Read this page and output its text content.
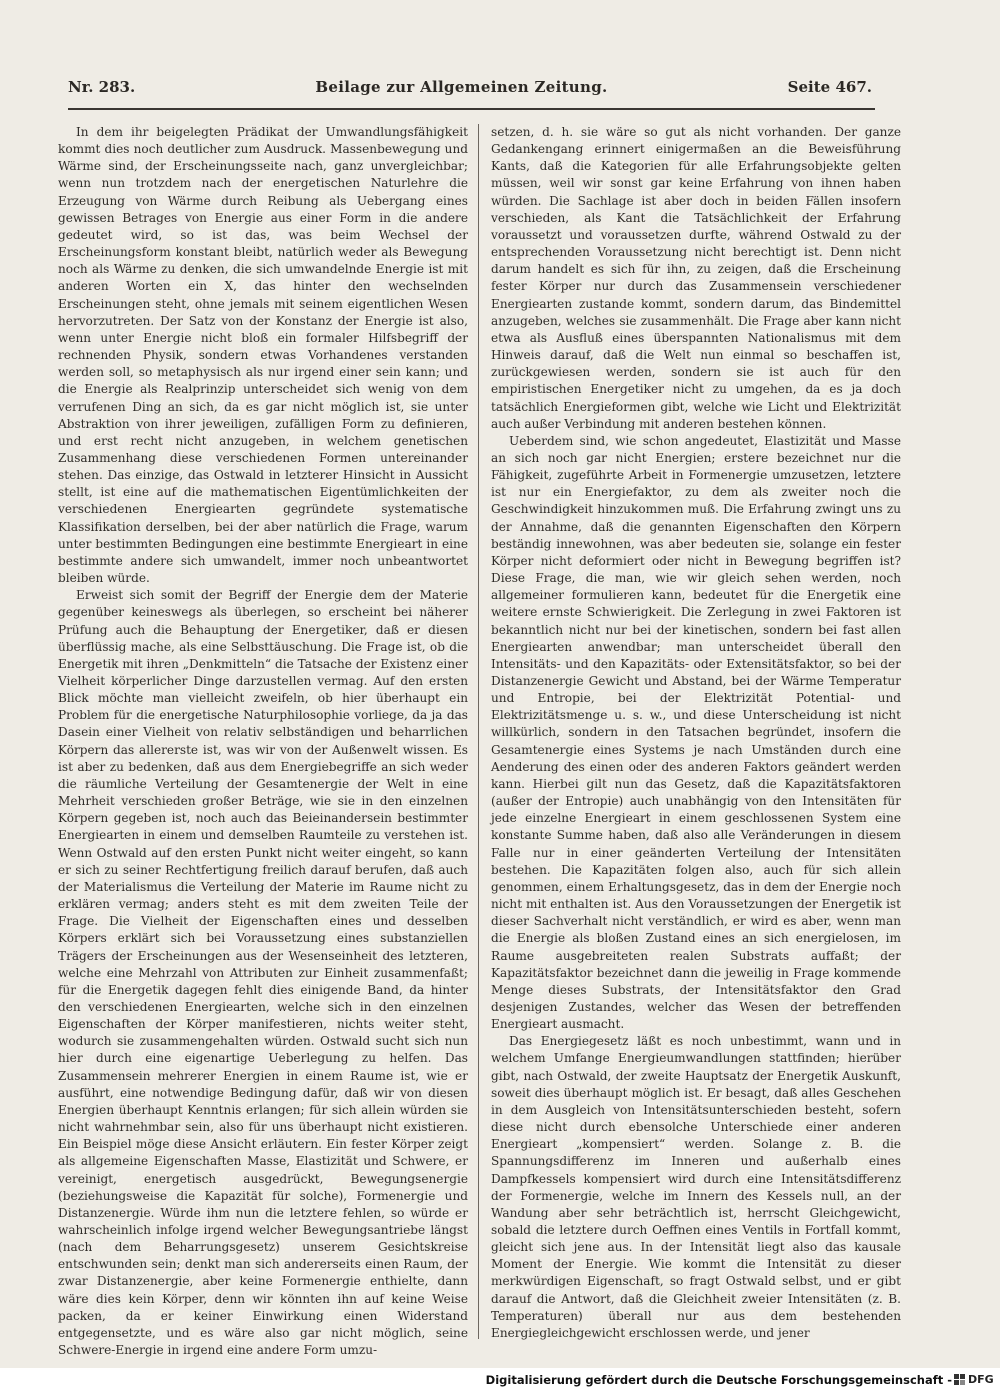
Nr. 283.	Beilage zur Allgemeinen Zeitung.	Seite 467.

In dem ihr beigelegten Prädikat der Umwandlungsfähigkeit kommt dies noch deutlicher zum Ausdruck. Massenbewegung und Wärme sind, der Erscheinungsseite nach, ganz unvergleichbar; wenn nun trotzdem nach der energetischen Naturlehre die Erzeugung von Wärme durch Reibung als Uebergang eines gewissen Betrages von Energie aus einer Form in die andere gedeutet wird, so ist das, was beim Wechsel der Erscheinungsform konstant bleibt, natürlich weder als Bewegung noch als Wärme zu denken, die sich umwandelnde Energie ist mit anderen Worten ein X, das hinter den wechselnden Erscheinungen steht, ohne jemals mit seinem eigentlichen Wesen hervorzutreten. Der Satz von der Konstanz der Energie ist also, wenn unter Energie nicht bloß ein formaler Hilfsbegriff der rechnenden Physik, sondern etwas Vorhandenes verstanden werden soll, so metaphysisch als nur irgend einer sein kann; und die Energie als Realprinzip unterscheidet sich wenig von dem verrufenen Ding an sich, da es gar nicht möglich ist, sie unter Abstraktion von ihrer jeweiligen, zufälligen Form zu definieren, und erst recht nicht anzugeben, in welchem genetischen Zusammenhang diese verschiedenen Formen untereinander stehen. Das einzige, das Ostwald in letzterer Hinsicht in Aussicht stellt, ist eine auf die mathematischen Eigentümlichkeiten der verschiedenen Energiearten gegründete systematische Klassifikation derselben, bei der aber natürlich die Frage, warum unter bestimmten Bedingungen eine bestimmte Energieart in eine bestimmte andere sich umwandelt, immer noch unbeantwortet bleiben würde.

Erweist sich somit der Begriff der Energie dem der Materie gegenüber keineswegs als überlegen, so erscheint bei näherer Prüfung auch die Behauptung der Energetiker, daß er diesen überflüssig mache, als eine Selbsttäuschung. Die Frage ist, ob die Energetik mit ihren „Denkmitteln“ die Tatsache der Existenz einer Vielheit körperlicher Dinge darzustellen vermag. Auf den ersten Blick möchte man vielleicht zweifeln, ob hier überhaupt ein Problem für die energetische Naturphilosophie vorliege, da ja das Dasein einer Vielheit von relativ selbständigen und beharrlichen Körpern das allererste ist, was wir von der Außenwelt wissen. Es ist aber zu bedenken, daß aus dem Energiebegriffe an sich weder die räumliche Verteilung der Gesamtenergie der Welt in eine Mehrheit verschieden großer Beträge, wie sie in den einzelnen Körpern gegeben ist, noch auch das Beieinandersein bestimmter Energiearten in einem und demselben Raumteile zu verstehen ist. Wenn Ostwald auf den ersten Punkt nicht weiter eingeht, so kann er sich zu seiner Rechtfertigung freilich darauf berufen, daß auch der Materialismus die Verteilung der Materie im Raume nicht zu erklären vermag; anders steht es mit dem zweiten Teile der Frage. Die Vielheit der Eigenschaften eines und desselben Körpers erklärt sich bei Voraussetzung eines substanziellen Trägers der Erscheinungen aus der Wesenseinheit des letzteren, welche eine Mehrzahl von Attributen zur Einheit zusammenfaßt; für die Energetik dagegen fehlt dies einigende Band, da hinter den verschiedenen Energiearten, welche sich in den einzelnen Eigenschaften der Körper manifestieren, nichts weiter steht, wodurch sie zusammengehalten würden. Ostwald sucht sich nun hier durch eine eigenartige Ueberlegung zu helfen. Das Zusammensein mehrerer Energien in einem Raume ist, wie er ausführt, eine notwendige Bedingung dafür, daß wir von diesen Energien überhaupt Kenntnis erlangen; für sich allein würden sie nicht wahrnehmbar sein, also für uns überhaupt nicht existieren. Ein Beispiel möge diese Ansicht erläutern. Ein fester Körper zeigt als allgemeine Eigenschaften Masse, Elastizität und Schwere, er vereinigt, energetisch ausgedrückt, Bewegungsenergie (beziehungsweise die Kapazität für solche), Formenergie und Distanzenergie. Würde ihm nun die letztere fehlen, so würde er wahrscheinlich infolge irgend welcher Bewegungsantriebe längst (nach dem Beharrungsgesetz) unserem Gesichtskreise entschwunden sein; denkt man sich andererseits einen Raum, der zwar Distanzenergie, aber keine Formenergie enthielte, dann wäre dies kein Körper, denn wir könnten ihn auf keine Weise packen, da er keiner Einwirkung einen Widerstand entgegensetzte, und es wäre also gar nicht möglich, seine Schwere-Energie in irgend eine andere Form umzu-

setzen, d. h. sie wäre so gut als nicht vorhanden. Der ganze Gedankengang erinnert einigermaßen an die Beweisführung Kants, daß die Kategorien für alle Erfahrungsobjekte gelten müssen, weil wir sonst gar keine Erfahrung von ihnen haben würden. Die Sachlage ist aber doch in beiden Fällen insofern verschieden, als Kant die Tatsächlichkeit der Erfahrung voraussetzt und voraussetzen durfte, während Ostwald zu der entsprechenden Voraussetzung nicht berechtigt ist. Denn nicht darum handelt es sich für ihn, zu zeigen, daß die Erscheinung fester Körper nur durch das Zusammensein verschiedener Energiearten zustande kommt, sondern darum, das Bindemittel anzugeben, welches sie zusammenhält. Die Frage aber kann nicht etwa als Ausfluß eines überspannten Nationalismus mit dem Hinweis darauf, daß die Welt nun einmal so beschaffen ist, zurückgewiesen werden, sondern sie ist auch für den empiristischen Energetiker nicht zu umgehen, da es ja doch tatsächlich Energieformen gibt, welche wie Licht und Elektrizität auch außer Verbindung mit anderen bestehen können.

Ueberdem sind, wie schon angedeutet, Elastizität und Masse an sich noch gar nicht Energien; erstere bezeichnet nur die Fähigkeit, zugeführte Arbeit in Formenergie umzusetzen, letztere ist nur ein Energiefaktor, zu dem als zweiter noch die Geschwindigkeit hinzukommen muß. Die Erfahrung zwingt uns zu der Annahme, daß die genannten Eigenschaften den Körpern beständig innewohnen, was aber bedeuten sie, solange ein fester Körper nicht deformiert oder nicht in Bewegung begriffen ist? Diese Frage, die man, wie wir gleich sehen werden, noch allgemeiner formulieren kann, bedeutet für die Energetik eine weitere ernste Schwierigkeit. Die Zerlegung in zwei Faktoren ist bekanntlich nicht nur bei der kinetischen, sondern bei fast allen Energiearten anwendbar; man unterscheidet überall den Intensitäts- und den Kapazitäts- oder Extensitätsfaktor, so bei der Distanzenergie Gewicht und Abstand, bei der Wärme Temperatur und Entropie, bei der Elektrizität Potential- und Elektrizitätsmenge u. s. w., und diese Unterscheidung ist nicht willkürlich, sondern in den Tatsachen begründet, insofern die Gesamtenergie eines Systems je nach Umständen durch eine Aenderung des einen oder des anderen Faktors geändert werden kann. Hierbei gilt nun das Gesetz, daß die Kapazitätsfaktoren (außer der Entropie) auch unabhängig von den Intensitäten für jede einzelne Energieart in einem geschlossenen System eine konstante Summe haben, daß also alle Veränderungen in diesem Falle nur in einer geänderten Verteilung der Intensitäten bestehen. Die Kapazitäten folgen also, auch für sich allein genommen, einem Erhaltungsgesetz, das in dem der Energie noch nicht mit enthalten ist. Aus den Voraussetzungen der Energetik ist dieser Sachverhalt nicht verständlich, er wird es aber, wenn man die Energie als bloßen Zustand eines an sich energielosen, im Raume ausgebreiteten realen Substrats auffaßt; der Kapazitätsfaktor bezeichnet dann die jeweilig in Frage kommende Menge dieses Substrats, der Intensitätsfaktor den Grad desjenigen Zustandes, welcher das Wesen der betreffenden Energieart ausmacht.

Das Energiegesetz läßt es noch unbestimmt, wann und in welchem Umfange Energieumwandlungen stattfinden; hierüber gibt, nach Ostwald, der zweite Hauptsatz der Energetik Auskunft, soweit dies überhaupt möglich ist. Er besagt, daß alles Geschehen in dem Ausgleich von Intensitätsunterschieden besteht, sofern diese nicht durch ebensolche Unterschiede einer anderen Energieart „kompensiert“ werden. Solange z. B. die Spannungsdifferenz im Inneren und außerhalb eines Dampfkessels kompensiert wird durch eine Intensitätsdifferenz der Formenergie, welche im Innern des Kessels null, an der Wandung aber sehr beträchtlich ist, herrscht Gleichgewicht, sobald die letztere durch Oeffnen eines Ventils in Fortfall kommt, gleicht sich jene aus. In der Intensität liegt also das kausale Moment der Energie. Wie kommt die Intensität zu dieser merkwürdigen Eigenschaft, so fragt Ostwald selbst, und er gibt darauf die Antwort, daß die Gleichheit zweier Intensitäten (z. B. Temperaturen) überall nur aus dem bestehenden Energiegleichgewicht erschlossen werde, und jener

Digitalisierung gefördert durch die Deutsche Forschungsgemeinschaft - DFG
